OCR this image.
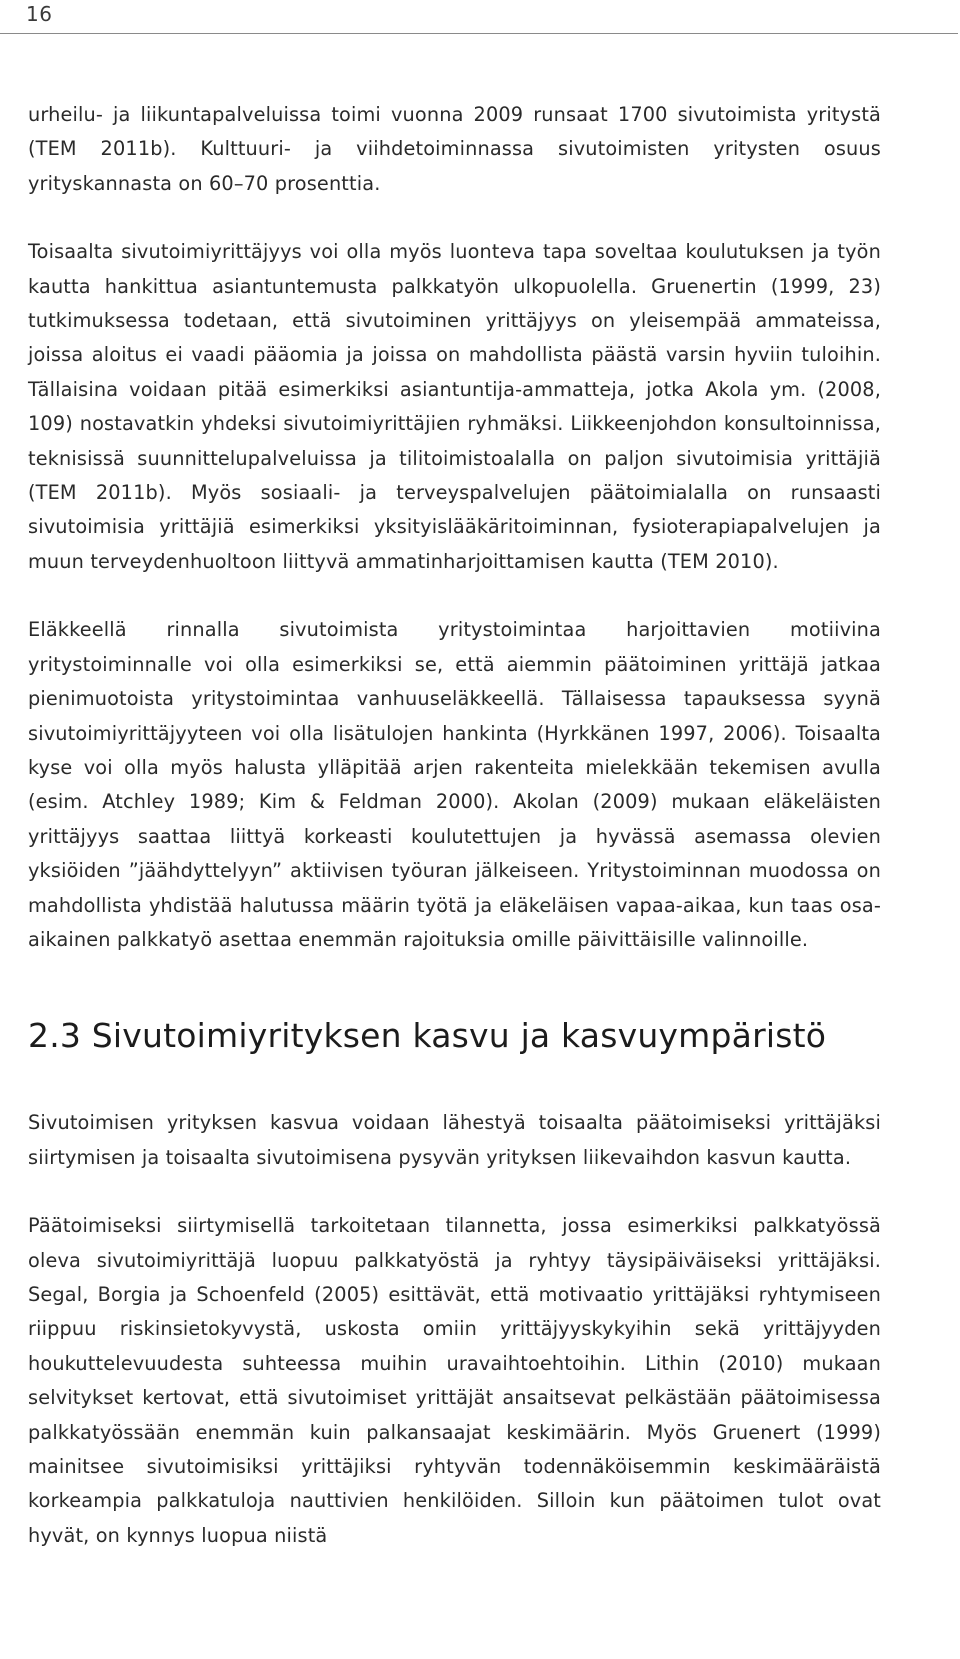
16

urheilu- ja liikuntapalveluissa toimi vuonna 2009 runsaat 1700 sivutoimista yritystä (TEM 2011b). Kulttuuri- ja viihdetoiminnassa sivutoimisten yritysten osuus yrityskannasta on 60–70 prosenttia.

Toisaalta sivutoimiyrittäjyys voi olla myös luonteva tapa soveltaa koulutuksen ja työn kautta hankittua asiantuntemusta palkkatyön ulkopuolella. Gruenertin (1999, 23) tutkimuksessa todetaan, että sivutoiminen yrittäjyys on yleisempää ammateissa, joissa aloitus ei vaadi pääomia ja joissa on mahdollista päästä varsin hyviin tuloihin. Tällaisina voidaan pitää esimerkiksi asiantuntija-ammatteja, jotka Akola ym. (2008, 109) nostavatkin yhdeksi sivutoimiyrittäjien ryhmäksi. Liikkeenjohdon konsultoinnissa, teknisissä suunnittelupalveluissa ja tilitoimistoalalla on paljon sivutoimisia yrittäjiä (TEM 2011b). Myös sosiaali- ja terveyspalvelujen päätoimialalla on runsaasti sivutoimisia yrittäjiä esimerkiksi yksityislääkäritoiminnan, fysioterapiapalvelujen ja muun terveydenhuoltoon liittyvä ammatinharjoittamisen kautta (TEM 2010).

Eläkkeellä rinnalla sivutoimista yritystoimintaa harjoittavien motiivina yritystoiminnalle voi olla esimerkiksi se, että aiemmin päätoiminen yrittäjä jatkaa pienimuotoista yritystoimintaa vanhuuseläkkeellä. Tällaisessa tapauksessa syynä sivutoimiyrittäjyyteen voi olla lisätulojen hankinta (Hyrkkänen 1997, 2006). Toisaalta kyse voi olla myös halusta ylläpitää arjen rakenteita mielekkään tekemisen avulla (esim. Atchley 1989; Kim & Feldman 2000). Akolan (2009) mukaan eläkeläisten yrittäjyys saattaa liittyä korkeasti koulutettujen ja hyvässä asemassa olevien yksiöiden ”jäähdyttelyyn” aktiivisen työuran jälkeiseen. Yritystoiminnan muodossa on mahdollista yhdistää halutussa määrin työtä ja eläkeläisen vapaa-aikaa, kun taas osa-aikainen palkkatyö asettaa enemmän rajoituksia omille päivittäisille valinnoille.

2.3 Sivutoimiyrityksen kasvu ja kasvuympäristö

Sivutoimisen yrityksen kasvua voidaan lähestyä toisaalta päätoimiseksi yrittäjäksi siirtymisen ja toisaalta sivutoimisena pysyvän yrityksen liikevaihdon kasvun kautta.

Päätoimiseksi siirtymisellä tarkoitetaan tilannetta, jossa esimerkiksi palkkatyössä oleva sivutoimiyrittäjä luopuu palkkatyöstä ja ryhtyy täysipäiväiseksi yrittäjäksi. Segal, Borgia ja Schoenfeld (2005) esittävät, että motivaatio yrittäjäksi ryhtymiseen riippuu riskinsietokyvystä, uskosta omiin yrittäjyyskykyihin sekä yrittäjyyden houkuttelevuudesta suhteessa muihin uravaihtoehtoihin. Lithin (2010) mukaan selvitykset kertovat, että sivutoimiset yrittäjät ansaitsevat pelkästään päätoimisessa palkkatyössään enemmän kuin palkansaajat keskimäärin. Myös Gruenert (1999) mainitsee sivutoimisiksi yrittäjiksi ryhtyvän todennäköisemmin keskimääräistä korkeampia palkkatuloja nauttivien henkilöiden. Silloin kun päätoimen tulot ovat hyvät, on kynnys luopua niistä
